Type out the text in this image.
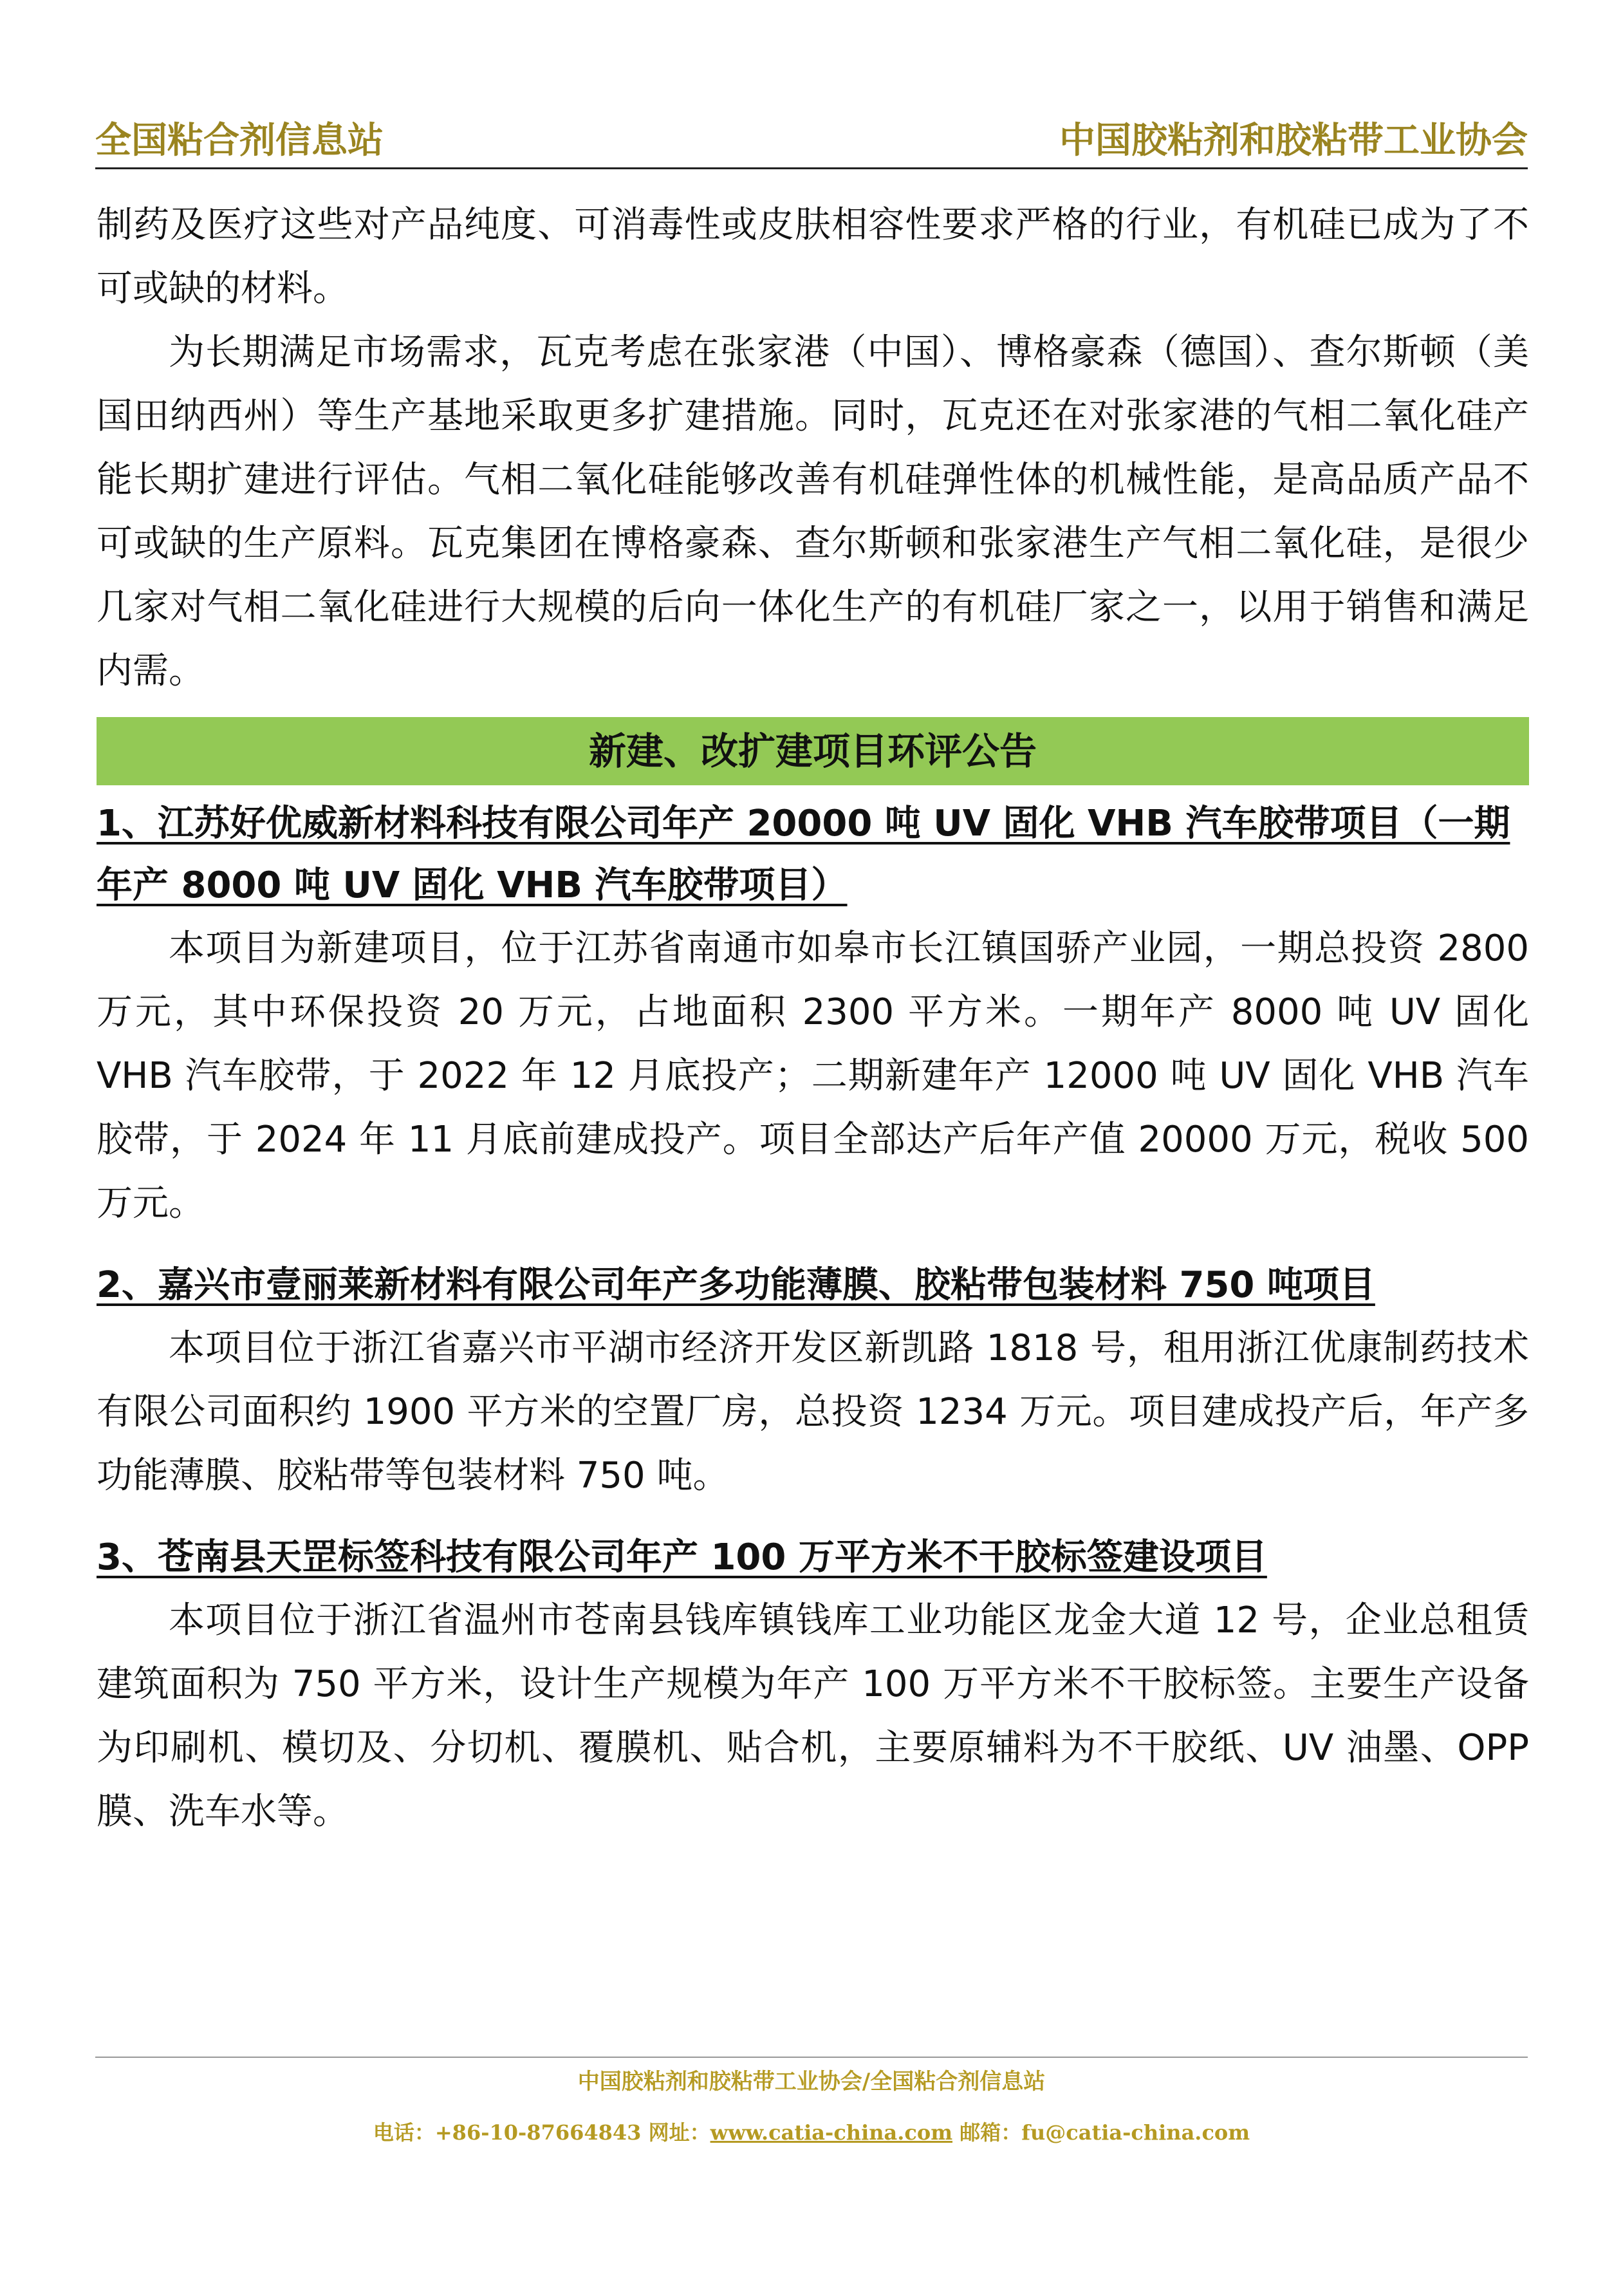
全国粘合剂信息站	中国胶粘剂和胶粘带工业协会

制药及医疗这些对产品纯度、可消毒性或皮肤相容性要求严格的行业，有机硅已成为了不可或缺的材料。

为长期满足市场需求，瓦克考虑在张家港（中国）、博格豪森（德国）、查尔斯顿（美国田纳西州）等生产基地采取更多扩建措施。同时，瓦克还在对张家港的气相二氧化硅产能长期扩建进行评估。气相二氧化硅能够改善有机硅弹性体的机械性能，是高品质产品不可或缺的生产原料。瓦克集团在博格豪森、查尔斯顿和张家港生产气相二氧化硅，是很少几家对气相二氧化硅进行大规模的后向一体化生产的有机硅厂家之一，以用于销售和满足内需。

新建、改扩建项目环评公告

1、江苏好优威新材料科技有限公司年产 20000 吨 UV 固化 VHB 汽车胶带项目（一期年产 8000 吨 UV 固化 VHB 汽车胶带项目）

本项目为新建项目，位于江苏省南通市如皋市长江镇国骄产业园，一期总投资 2800 万元，其中环保投资 20 万元，占地面积 2300 平方米。一期年产 8000 吨 UV 固化 VHB 汽车胶带，于 2022 年 12 月底投产；二期新建年产 12000 吨 UV 固化 VHB 汽车胶带，于 2024 年 11 月底前建成投产。项目全部达产后年产值 20000 万元，税收 500 万元。

2、嘉兴市壹丽莱新材料有限公司年产多功能薄膜、胶粘带包装材料 750 吨项目

本项目位于浙江省嘉兴市平湖市经济开发区新凯路 1818 号，租用浙江优康制药技术有限公司面积约 1900 平方米的空置厂房，总投资 1234 万元。项目建成投产后，年产多功能薄膜、胶粘带等包装材料 750 吨。

3、苍南县天罡标签科技有限公司年产 100 万平方米不干胶标签建设项目

本项目位于浙江省温州市苍南县钱库镇钱库工业功能区龙金大道 12 号，企业总租赁建筑面积为 750 平方米，设计生产规模为年产 100 万平方米不干胶标签。主要生产设备为印刷机、模切及、分切机、覆膜机、贴合机，主要原辅料为不干胶纸、UV 油墨、OPP 膜、洗车水等。

中国胶粘剂和胶粘带工业协会/全国粘合剂信息站
电话：+86-10-87664843 网址：www.catia-china.com 邮箱：fu@catia-china.com
